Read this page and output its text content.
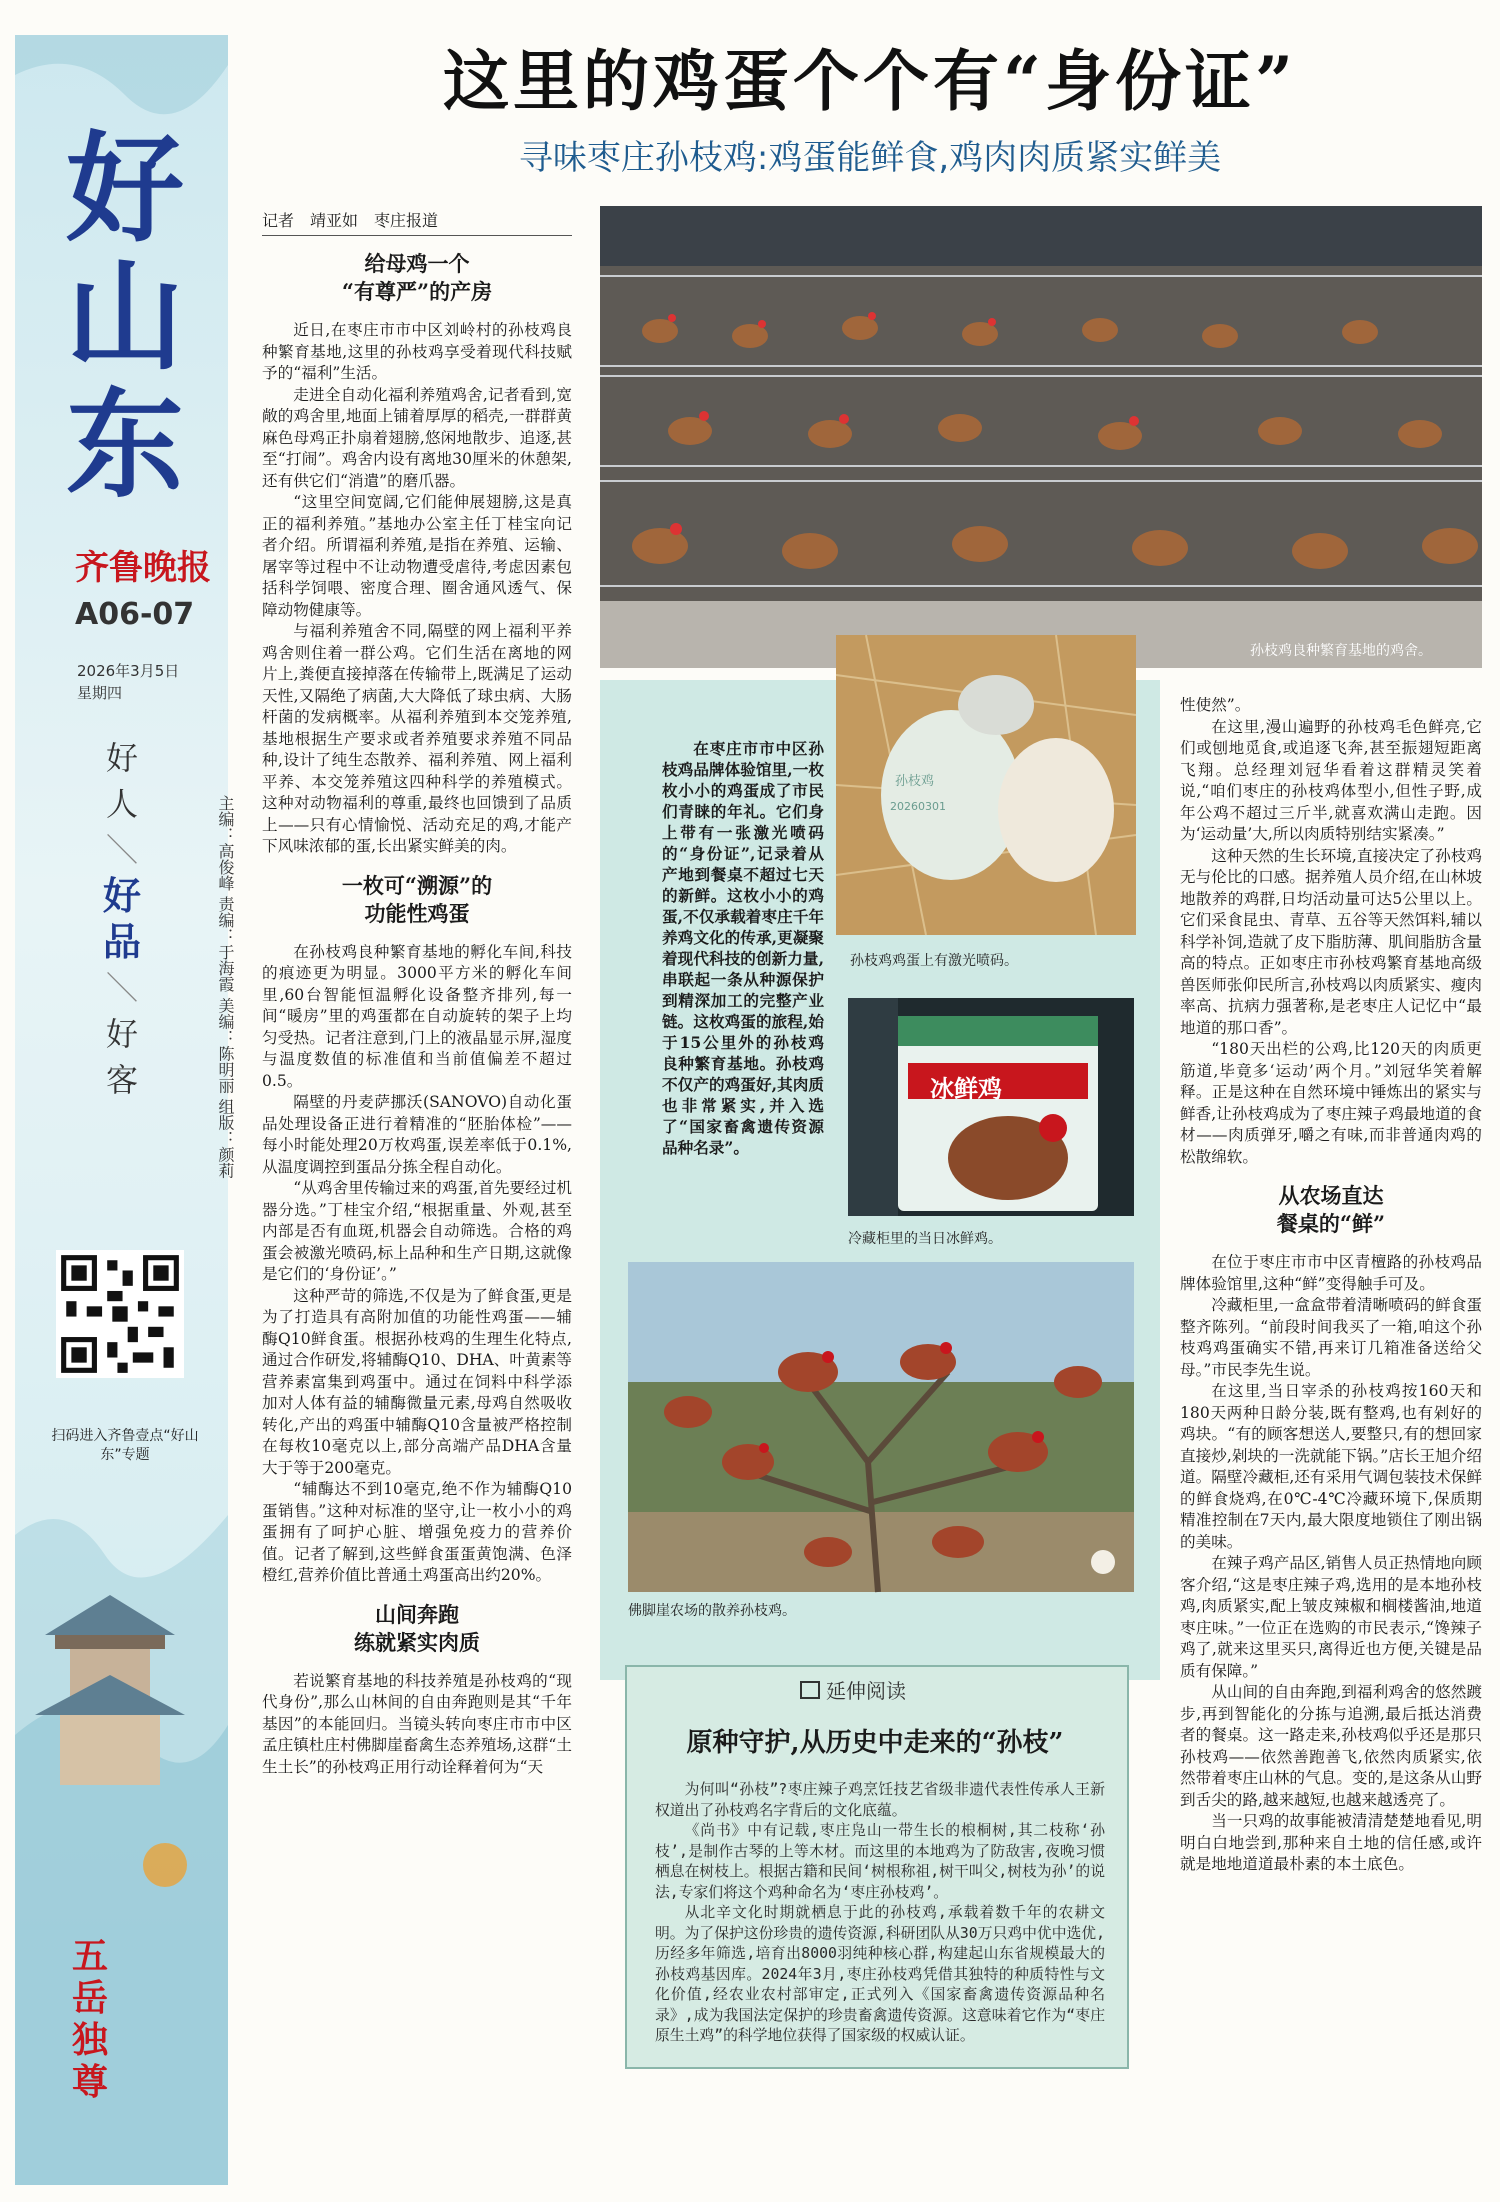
好山东
齐鲁晚报
A06-07
2026年3月5日
星期四
好
人
＼
好
品
＼
好
客	主编：高俊峰 责编：于海霞 美编：陈明丽 组版：颜莉
扫码进入齐鲁壹点“好山东”专题
五岳独尊
这里的鸡蛋个个有“身份证”
寻味枣庄孙枝鸡:鸡蛋能鲜食,鸡肉肉质紧实鲜美
记者　靖亚如　枣庄报道
给母鸡一个
“有尊严”的产房

近日,在枣庄市市中区刘岭村的孙枝鸡良种繁育基地,这里的孙枝鸡享受着现代科技赋予的“福利”生活。

走进全自动化福利养殖鸡舍,记者看到,宽敞的鸡舍里,地面上铺着厚厚的稻壳,一群群黄麻色母鸡正扑扇着翅膀,悠闲地散步、追逐,甚至“打闹”。鸡舍内设有离地30厘米的休憩架,还有供它们“消遣”的磨爪器。

“这里空间宽阔,它们能伸展翅膀,这是真正的福利养殖。”基地办公室主任丁桂宝向记者介绍。所谓福利养殖,是指在养殖、运输、屠宰等过程中不让动物遭受虐待,考虑因素包括科学饲喂、密度合理、圈舍通风透气、保障动物健康等。

与福利养殖舍不同,隔壁的网上福利平养鸡舍则住着一群公鸡。它们生活在离地的网片上,粪便直接掉落在传输带上,既满足了运动天性,又隔绝了病菌,大大降低了球虫病、大肠杆菌的发病概率。从福利养殖到本交笼养殖,基地根据生产要求或者养殖要求养殖不同品种,设计了纯生态散养、福利养殖、网上福利平养、本交笼养殖这四种科学的养殖模式。这种对动物福利的尊重,最终也回馈到了品质上——只有心情愉悦、活动充足的鸡,才能产下风味浓郁的蛋,长出紧实鲜美的肉。

一枚可“溯源”的
功能性鸡蛋

在孙枝鸡良种繁育基地的孵化车间,科技的痕迹更为明显。3000平方米的孵化车间里,60台智能恒温孵化设备整齐排列,每一间“暖房”里的鸡蛋都在自动旋转的架子上均匀受热。记者注意到,门上的液晶显示屏,湿度与温度数值的标准值和当前值偏差不超过0.5。

隔壁的丹麦萨挪沃(SANOVO)自动化蛋品处理设备正进行着精准的“胚胎体检”——每小时能处理20万枚鸡蛋,误差率低于0.1%,从温度调控到蛋品分拣全程自动化。

“从鸡舍里传输过来的鸡蛋,首先要经过机器分选。”丁桂宝介绍,“根据重量、外观,甚至内部是否有血斑,机器会自动筛选。合格的鸡蛋会被激光喷码,标上品种和生产日期,这就像是它们的‘身份证’。”

这种严苛的筛选,不仅是为了鲜食蛋,更是为了打造具有高附加值的功能性鸡蛋——辅酶Q10鲜食蛋。根据孙枝鸡的生理生化特点,通过合作研发,将辅酶Q10、DHA、叶黄素等营养素富集到鸡蛋中。通过在饲料中科学添加对人体有益的辅酶微量元素,母鸡自然吸收转化,产出的鸡蛋中辅酶Q10含量被严格控制在每枚10毫克以上,部分高端产品DHA含量大于等于200毫克。

“辅酶达不到10毫克,绝不作为辅酶Q10蛋销售。”这种对标准的坚守,让一枚小小的鸡蛋拥有了呵护心脏、增强免疫力的营养价值。记者了解到,这些鲜食蛋蛋黄饱满、色泽橙红,营养价值比普通土鸡蛋高出约20%。

山间奔跑
练就紧实肉质

若说繁育基地的科技养殖是孙枝鸡的“现代身份”,那么山林间的自由奔跑则是其“千年基因”的本能回归。当镜头转向枣庄市市中区孟庄镇杜庄村佛脚崖畜禽生态养殖场,这群“土生土长”的孙枝鸡正用行动诠释着何为“天

孙枝鸡良种繁育基地的鸡舍。

在枣庄市市中区孙枝鸡品牌体验馆里,一枚枚小小的鸡蛋成了市民们青睐的年礼。它们身上带有一张激光喷码的“身份证”,记录着从产地到餐桌不超过七天的新鲜。这枚小小的鸡蛋,不仅承载着枣庄千年养鸡文化的传承,更凝聚着现代科技的创新力量,串联起一条从种源保护到精深加工的完整产业链。这枚鸡蛋的旅程,始于15公里外的孙枝鸡良种繁育基地。孙枝鸡不仅产的鸡蛋好,其肉质也非常紧实,并入选了“国家畜禽遗传资源品种名录”。

孙枝鸡
20260301
孙枝鸡鸡蛋上有激光喷码。
冰鲜鸡
冷藏柜里的当日冰鲜鸡。
佛脚崖农场的散养孙枝鸡。

性使然”。

在这里,漫山遍野的孙枝鸡毛色鲜亮,它们或刨地觅食,或追逐飞奔,甚至振翅短距离飞翔。总经理刘冠华看着这群精灵笑着说,“咱们枣庄的孙枝鸡体型小,但性子野,成年公鸡不超过三斤半,就喜欢满山走跑。因为‘运动量’大,所以肉质特别结实紧凑。”

这种天然的生长环境,直接决定了孙枝鸡无与伦比的口感。据养殖人员介绍,在山林坡地散养的鸡群,日均活动量可达5公里以上。它们采食昆虫、青草、五谷等天然饵料,辅以科学补饲,造就了皮下脂肪薄、肌间脂肪含量高的特点。正如枣庄市孙枝鸡繁育基地高级兽医师张仰民所言,孙枝鸡以肉质紧实、瘦肉率高、抗病力强著称,是老枣庄人记忆中“最地道的那口香”。

“180天出栏的公鸡,比120天的肉质更筋道,毕竟多‘运动’两个月。”刘冠华笑着解释。正是这种在自然环境中锤炼出的紧实与鲜香,让孙枝鸡成为了枣庄辣子鸡最地道的食材——肉质弹牙,嚼之有味,而非普通肉鸡的松散绵软。

从农场直达
餐桌的“鲜”

在位于枣庄市市中区青檀路的孙枝鸡品牌体验馆里,这种“鲜”变得触手可及。

冷藏柜里,一盒盒带着清晰喷码的鲜食蛋整齐陈列。“前段时间我买了一箱,咱这个孙枝鸡鸡蛋确实不错,再来订几箱准备送给父母。”市民李先生说。

在这里,当日宰杀的孙枝鸡按160天和180天两种日龄分装,既有整鸡,也有剁好的鸡块。“有的顾客想送人,要整只,有的想回家直接炒,剁块的一洗就能下锅。”店长王旭介绍道。隔壁冷藏柜,还有采用气调包装技术保鲜的鲜食烧鸡,在0℃-4℃冷藏环境下,保质期精准控制在7天内,最大限度地锁住了刚出锅的美味。

在辣子鸡产品区,销售人员正热情地向顾客介绍,“这是枣庄辣子鸡,选用的是本地孙枝鸡,肉质紧实,配上皱皮辣椒和榈楼酱油,地道枣庄味。”一位正在选购的市民表示,“馋辣子鸡了,就来这里买只,离得近也方便,关键是品质有保障。”

从山间的自由奔跑,到福利鸡舍的悠然踱步,再到智能化的分拣与追溯,最后抵达消费者的餐桌。这一路走来,孙枝鸡似乎还是那只孙枝鸡——依然善跑善飞,依然肉质紧实,依然带着枣庄山林的气息。变的,是这条从山野到舌尖的路,越来越短,也越来越透亮了。

当一只鸡的故事能被清清楚楚地看见,明明白白地尝到,那种来自土地的信任感,或许就是地地道道最朴素的本土底色。

延伸阅读
原种守护,从历史中走来的“孙枝”

为何叫“孙枝”?枣庄辣子鸡烹饪技艺省级非遗代表性传承人王新权道出了孙枝鸡名字背后的文化底蕴。

《尚书》中有记载,枣庄凫山一带生长的桹桐树,其二枝称‘孙枝’,是制作古琴的上等木材。而这里的本地鸡为了防敌害,夜晚习惯栖息在树枝上。根据古籍和民间‘树根称祖,树干叫父,树枝为孙’的说法,专家们将这个鸡种命名为‘枣庄孙枝鸡’。

从北辛文化时期就栖息于此的孙枝鸡,承载着数千年的农耕文明。为了保护这份珍贵的遗传资源,科研团队从30万只鸡中优中选优,历经多年筛选,培育出8000羽纯种核心群,构建起山东省规模最大的孙枝鸡基因库。2024年3月,枣庄孙枝鸡凭借其独特的种质特性与文化价值,经农业农村部审定,正式列入《国家畜禽遗传资源品种名录》,成为我国法定保护的珍贵畜禽遗传资源。这意味着它作为“枣庄原生土鸡”的科学地位获得了国家级的权威认证。
